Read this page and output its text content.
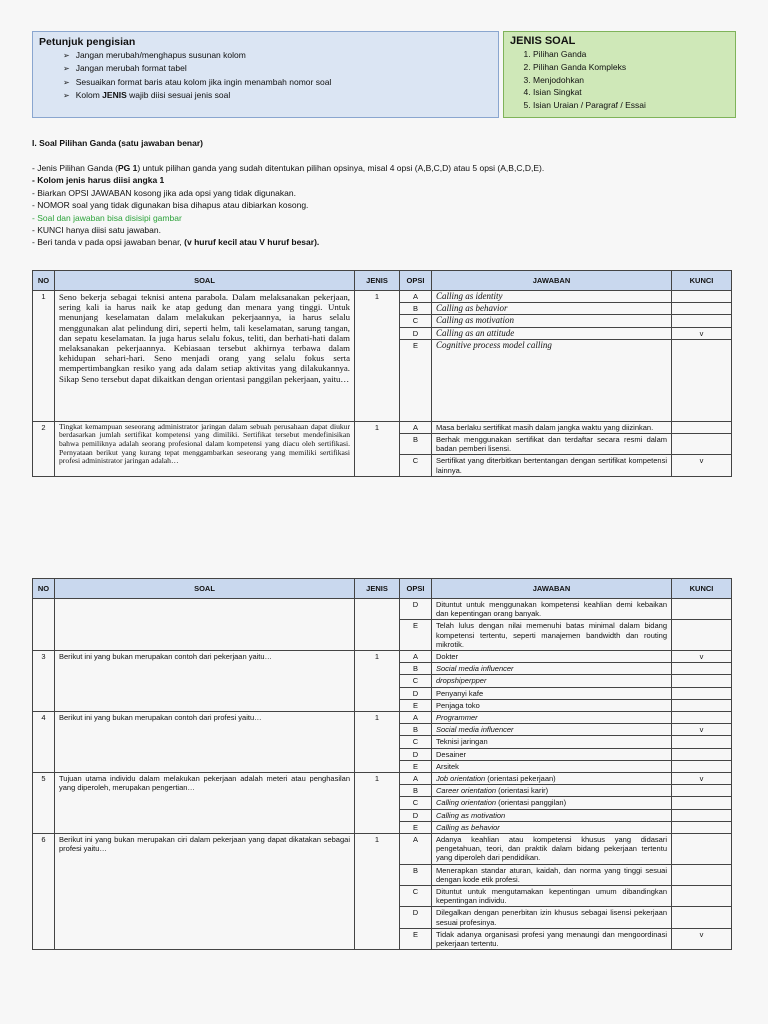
Petunjuk pengisian
➢ Jangan merubah/menghapus susunan kolom
➢ Jangan merubah format tabel
➢ Sesuaikan format baris atau kolom jika ingin menambah nomor soal
➢ Kolom JENIS wajib diisi sesuai jenis soal
JENIS SOAL
1. Pilihan Ganda
2. Pilihan Ganda Kompleks
3. Menjodohkan
4. Isian Singkat
5. Isian Uraian / Paragraf / Essai
I. Soal Pilihan Ganda (satu jawaban benar)
- Jenis Pilihan Ganda (PG 1) untuk pilihan ganda yang sudah ditentukan pilihan opsinya, misal 4 opsi (A,B,C,D) atau 5 opsi (A,B,C,D,E).
- Kolom jenis harus diisi angka 1
- Biarkan OPSI JAWABAN kosong jika ada opsi yang tidak digunakan.
- NOMOR soal yang tidak digunakan bisa dihapus atau dibiarkan kosong.
- Soal dan jawaban bisa disisipi gambar
- KUNCI hanya diisi satu jawaban.
- Beri tanda v pada opsi jawaban benar, (v huruf kecil atau V huruf besar).
NO	SOAL	JENIS	OPSI	JAWABAN	KUNCI
1	Seno bekerja sebagai teknisi antena parabola. Dalam melaksanakan pekerjaan, sering kali ia harus naik ke atap gedung dan menara yang tinggi. Untuk menunjang keselamatan dalam melakukan pekerjaannya, ia harus selalu menggunakan alat pelindung diri, seperti helm, tali keselamatan, sarung tangan, dan sepatu keselamatan. Ia juga harus selalu fokus, teliti, dan berhati-hati dalam melaksanakan pekerjaannya. Kebiasaan tersebut akhirnya terbawa dalam kehidupan sehari-hari. Seno menjadi orang yang selalu fokus serta mempertimbangkan resiko yang ada dalam setiap aktivitas yang dilakukannya. Sikap Seno tersebut dapat dikaitkan dengan orientasi panggilan pekerjaan, yaitu…	1	A	Calling as identity	
			B	Calling as behavior	
			C	Calling as motivation	
			D	Calling as an attitude	v
			E	Cognitive process model calling	
2	Tingkat kemampuan seseorang administrator jaringan dalam sebuah perusahaan dapat diukur berdasarkan jumlah sertifikat kompetensi yang dimiliki. Sertifikat tersebut mendefinisikan bahwa pemiliknya adalah seorang profesional dalam kompetensi yang diacu oleh sertifikasi. Pernyataan berikut yang kurang tepat menggambarkan seseorang yang memiliki sertifikasi profesi administrator jaringan adalah…	1	A	Masa berlaku sertifikat masih dalam jangka waktu yang diizinkan.	
			B	Berhak menggunakan sertifikat dan terdaftar secara resmi dalam badan pemberi lisensi.	
			C	Sertifikat yang diterbitkan bertentangan dengan sertifikat kompetensi lainnya.	v
NO	SOAL	JENIS	OPSI	JAWABAN	KUNCI
			D	Dituntut untuk menggunakan kompetensi keahlian demi kebaikan dan kepentingan orang banyak.	
			E	Telah lulus dengan nilai memenuhi batas minimal dalam bidang kompetensi tertentu, seperti manajemen bandwidth dan routing mikrotik.	
3	Berikut ini yang bukan merupakan contoh dari pekerjaan yaitu…	1	A	Dokter	v
			B	Social media influencer	
			C	dropshiperpper	
			D	Penyanyi kafe	
			E	Penjaga toko	
4	Berikut ini yang bukan merupakan contoh dari profesi yaitu…	1	A	Programmer	
			B	Social media influencer	v
			C	Teknisi jaringan	
			D	Desainer	
			E	Arsitek	
5	Tujuan utama individu dalam melakukan pekerjaan adalah meteri atau penghasilan yang diperoleh, merupakan pengertian…	1	A	Job orientation (orientasi pekerjaan)	v
			B	Career orientation (orientasi karir)	
			C	Calling orientation (orientasi panggilan)	
			D	Calling as motivation	
			E	Calling as behavior	
6	Berikut ini yang bukan merupakan ciri dalam pekerjaan yang dapat dikatakan sebagai profesi yaitu…	1	A	Adanya keahlian atau kompetensi khusus yang didasari pengetahuan, teori, dan praktik dalam bidang pekerjaan tertentu yang diperoleh dari pendidikan.	
			B	Menerapkan standar aturan, kaidah, dan norma yang tinggi sesuai dengan kode etik profesi.	
			C	Dituntut untuk mengutamakan kepentingan umum dibandingkan kepentingan individu.	
			D	Dilegalkan dengan penerbitan izin khusus sebagai lisensi pekerjaan sesuai profesinya.	
			E	Tidak adanya organisasi profesi yang menaungi dan mengoordinasi pekerjaan tertentu.	v
